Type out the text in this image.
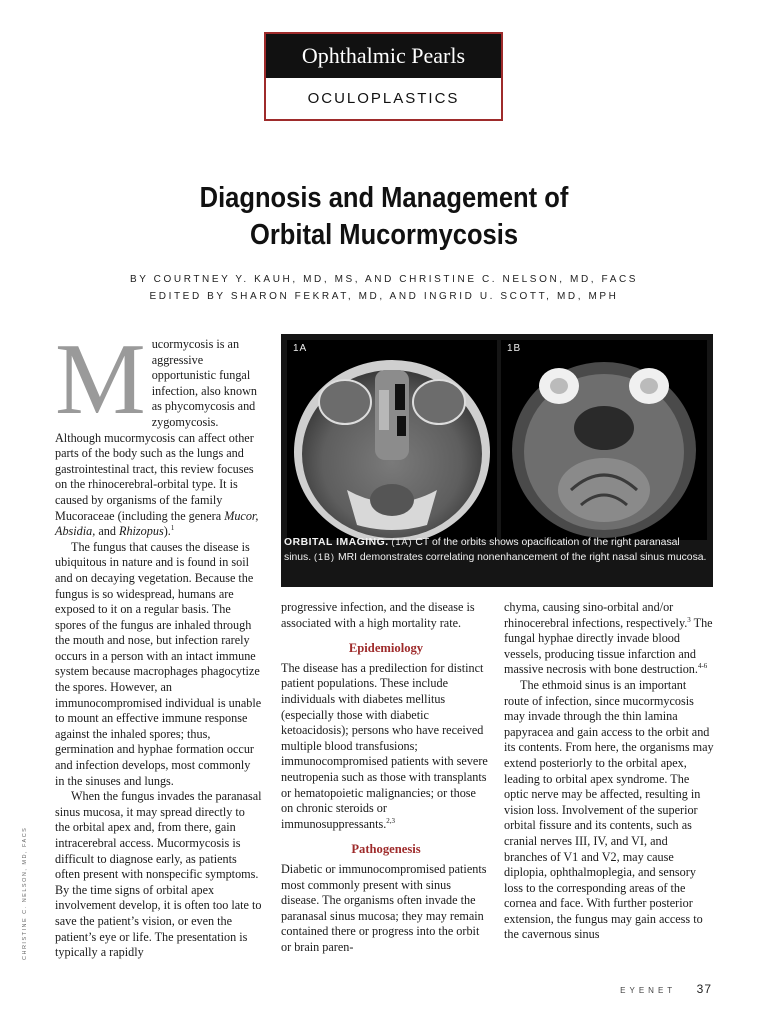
Ophthalmic Pearls
OCULOPLASTICS
Diagnosis and Management of
Orbital Mucormycosis
BY COURTNEY Y. KAUH, MD, MS, AND CHRISTINE C. NELSON, MD, FACS
EDITED BY SHARON FEKRAT, MD, AND INGRID U. SCOTT, MD, MPH

Mucormycosis is an aggressive opportunistic fungal infection, also known as phycomycosis and zygomycosis. Although mucormycosis can affect other parts of the body such as the lungs and gastrointestinal tract, this review focuses on the rhinocerebral-orbital type. It is caused by organisms of the family Mucoraceae (including the genera Mucor, Absidia, and Rhizopus).$^1$

The fungus that causes the disease is ubiquitous in nature and is found in soil and on decaying vegetation. Because the fungus is so widespread, humans are exposed to it on a regular basis. The spores of the fungus are inhaled through the mouth and nose, but infection rarely occurs in a person with an intact immune system because macrophages phagocytize the spores. However, an immunocompromised individual is unable to mount an effective immune response against the inhaled spores; thus, germination and hyphae formation occur and infection develops, most commonly in the sinuses and lungs.

When the fungus invades the paranasal sinus mucosa, it may spread directly to the orbital apex and, from there, gain intracerebral access. Mucormycosis is difficult to diagnose early, as patients often present with nonspecific symptoms. By the time signs of orbital apex involvement develop, it is often too late to save the patient’s vision, or even the patient’s eye or life. The presentation is typically a rapidly

1A	1B
ORBITAL IMAGING. (1A) CT of the orbits shows opacification of the right paranasal sinus. (1B) MRI demonstrates correlating nonenhancement of the right nasal sinus mucosa.

progressive infection, and the disease is associated with a high mortality rate.

Epidemiology

The disease has a predilection for distinct patient populations. These include individuals with diabetes mellitus (especially those with diabetic ketoacidosis); persons who have received multiple blood transfusions; immunocompromised patients with severe neutropenia such as those with transplants or hematopoietic malignancies; or those on chronic steroids or immunosuppressants.$^{2,3}$

Pathogenesis

Diabetic or immunocompromised patients most commonly present with sinus disease. The organisms often invade the paranasal sinus mucosa; they may remain contained there or progress into the orbit or brain paren-

chyma, causing sino-orbital and/or rhinocerebral infections, respectively.$^3$ The fungal hyphae directly invade blood vessels, producing tissue infarction and massive necrosis with bone destruction.$^{4-6}$

The ethmoid sinus is an important route of infection, since mucormycosis may invade through the thin lamina papyracea and gain access to the orbit and its contents. From here, the organisms may extend posteriorly to the orbital apex, leading to orbital apex syndrome. The optic nerve may be affected, resulting in vision loss. Involvement of the superior orbital fissure and its contents, such as cranial nerves III, IV, and VI, and branches of V1 and V2, may cause diplopia, ophthalmoplegia, and sensory loss to the corresponding areas of the cornea and face. With further posterior extension, the fungus may gain access to the cavernous sinus

CHRISTINE C. NELSON, MD, FACS
EYENET 37
